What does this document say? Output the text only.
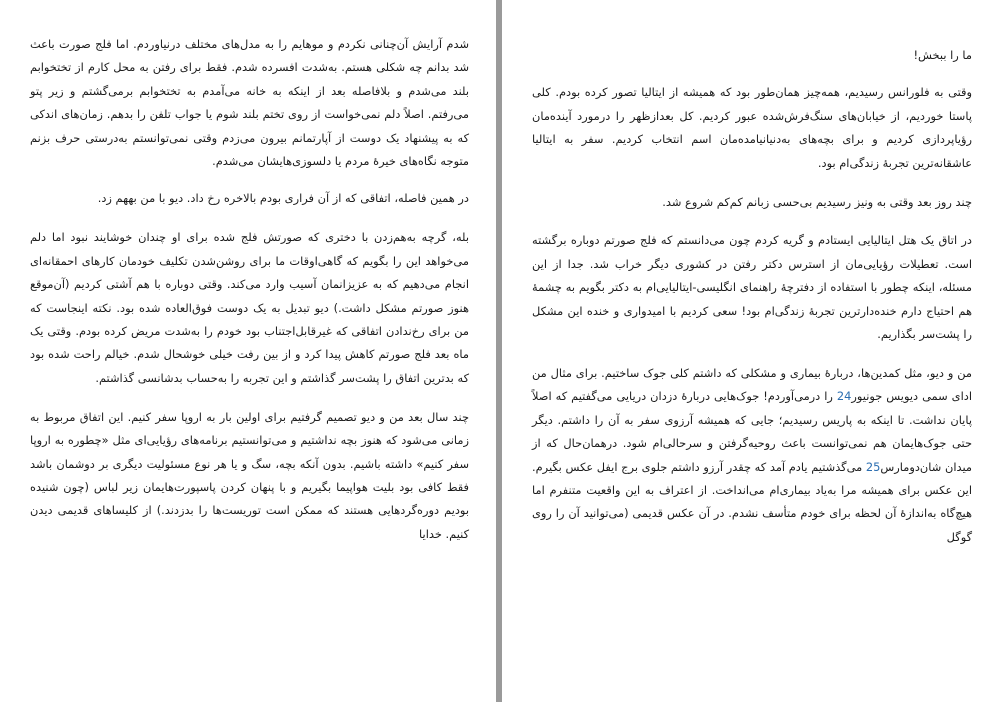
شدم آرایش آن‌چنانی نکردم و موهایم را به مدل‌های مختلف درنیاوردم. اما فلج صورت باعث شد بدانم چه شکلی هستم. به‌شدت افسرده شدم. فقط برای رفتن به محل کارم از تختخوابم بلند می‌شدم و بلافاصله بعد از اینکه به خانه می‌آمدم به تختخوابم برمی‌گشتم و زیر پتو می‌رفتم. اصلاً دلم نمی‌خواست از روی تختم بلند شوم یا جواب تلفن را بدهم. زمان‌های اندکی که به پیشنهاد یک دوست از آپارتمانم بیرون می‌زدم وقتی نمی‌توانستم به‌درستی حرف بزنم متوجه نگاه‌های خیرهٔ مردم یا دلسوزی‌هایشان می‌شدم.

در همین فاصله، اتفاقی که از آن فراری بودم بالاخره رخ داد. دیو با من بههم زد.

بله، گرچه به‌هم‌زدن با دختری که صورتش فلج شده برای او چندان خوشایند نبود اما دلم می‌خواهد این را بگویم که گاهی‌اوقات ما برای روشن‌شدن تکلیف خودمان کارهای احمقانه‌ای انجام می‌دهیم که به عزیزانمان آسیب وارد می‌کند. وقتی دوباره با هم آشتی کردیم (آن‌موقع هنوز صورتم مشکل داشت.) دیو تبدیل به یک دوست فوق‌العاده شده بود. نکته اینجاست که من برای رخ‌ندادن اتفاقی که غیرقابل‌اجتناب بود خودم را به‌شدت مریض کرده بودم. وقتی یک ماه بعد فلج صورتم کاهش پیدا کرد و از بین رفت خیلی خوشحال شدم. خیالم راحت شده بود که بدترین اتفاق را پشت‌سر گذاشتم و این تجربه را به‌حساب بدشانسی گذاشتم.

چند سال بعد من و دیو تصمیم گرفتیم برای اولین بار به اروپا سفر کنیم. این اتفاق مربوط به زمانی می‌شود که هنوز بچه نداشتیم و می‌توانستیم برنامه‌های رؤیایی‌ای مثل «چطوره به اروپا سفر کنیم» داشته باشیم. بدون آنکه بچه، سگ و یا هر نوع مسئولیت دیگری بر دوشمان باشد فقط کافی بود بلیت هواپیما بگیریم و با پنهان کردن پاسپورت‌هایمان زیر لباس (چون شنیده بودیم دوره‌گردهایی هستند که ممکن است توریست‌ها را بدزدند.) از کلیساهای قدیمی دیدن کنیم. خدایا

ما را ببخش!

وقتی به فلورانس رسیدیم، همه‌چیز همان‌طور بود که همیشه از ایتالیا تصور کرده بودم. کلی پاستا خوردیم، از خیابان‌های سنگ‌فرش‌شده عبور کردیم. کل بعدازظهر را درمورد آینده‌مان رؤیاپردازی کردیم و برای بچه‌های به‌دنیانیامده‌مان اسم انتخاب کردیم. سفر به ایتالیا عاشقانه‌ترین تجربهٔ زندگی‌ام بود.

چند روز بعد وقتی به ونیز رسیدیم بی‌حسی زبانم کم‌کم شروع شد.

در اتاق یک هتل ایتالیایی ایستادم و گریه کردم چون می‌دانستم که فلج صورتم دوباره برگشته است. تعطیلات رؤیایی‌مان از استرس دکتر رفتن در کشوری دیگر خراب شد. جدا از این مسئله، اینکه چطور با استفاده از دفترچهٔ راهنمای انگلیسی-ایتالیایی‌ام به دکتر بگویم به چشمهٔ هم احتیاج دارم خنده‌دارترین تجربهٔ زندگی‌ام بود! سعی کردیم با امیدواری و خنده این مشکل را پشت‌سر بگذاریم.

من و دیو، مثل کمدین‌ها، دربارهٔ بیماری و مشکلی که داشتم کلی جوک ساختیم. برای مثال من ادای سمی دیویس جونیور24 را درمی‌آوردم! جوک‌هایی دربارهٔ دزدان دریایی می‌گفتیم که اصلاً پایان نداشت. تا اینکه به پاریس رسیدیم؛ جایی که همیشه آرزوی سفر به آن را داشتم. دیگر حتی جوک‌هایمان هم نمی‌توانست باعث روحیه‌گرفتن و سرحالی‌ام شود. درهمان‌حال که از میدان شان‌دومارس25 می‌گذشتیم یادم آمد که چقدر آرزو داشتم جلوی برج ایفل عکس بگیرم. این عکس برای همیشه مرا به‌یاد بیماری‌ام می‌انداخت. از اعتراف به این واقعیت متنفرم اما هیچ‌گاه به‌اندازهٔ آن لحظه برای خودم متأسف نشدم. در آن عکس قدیمی (می‌توانید آن را روی گوگل
